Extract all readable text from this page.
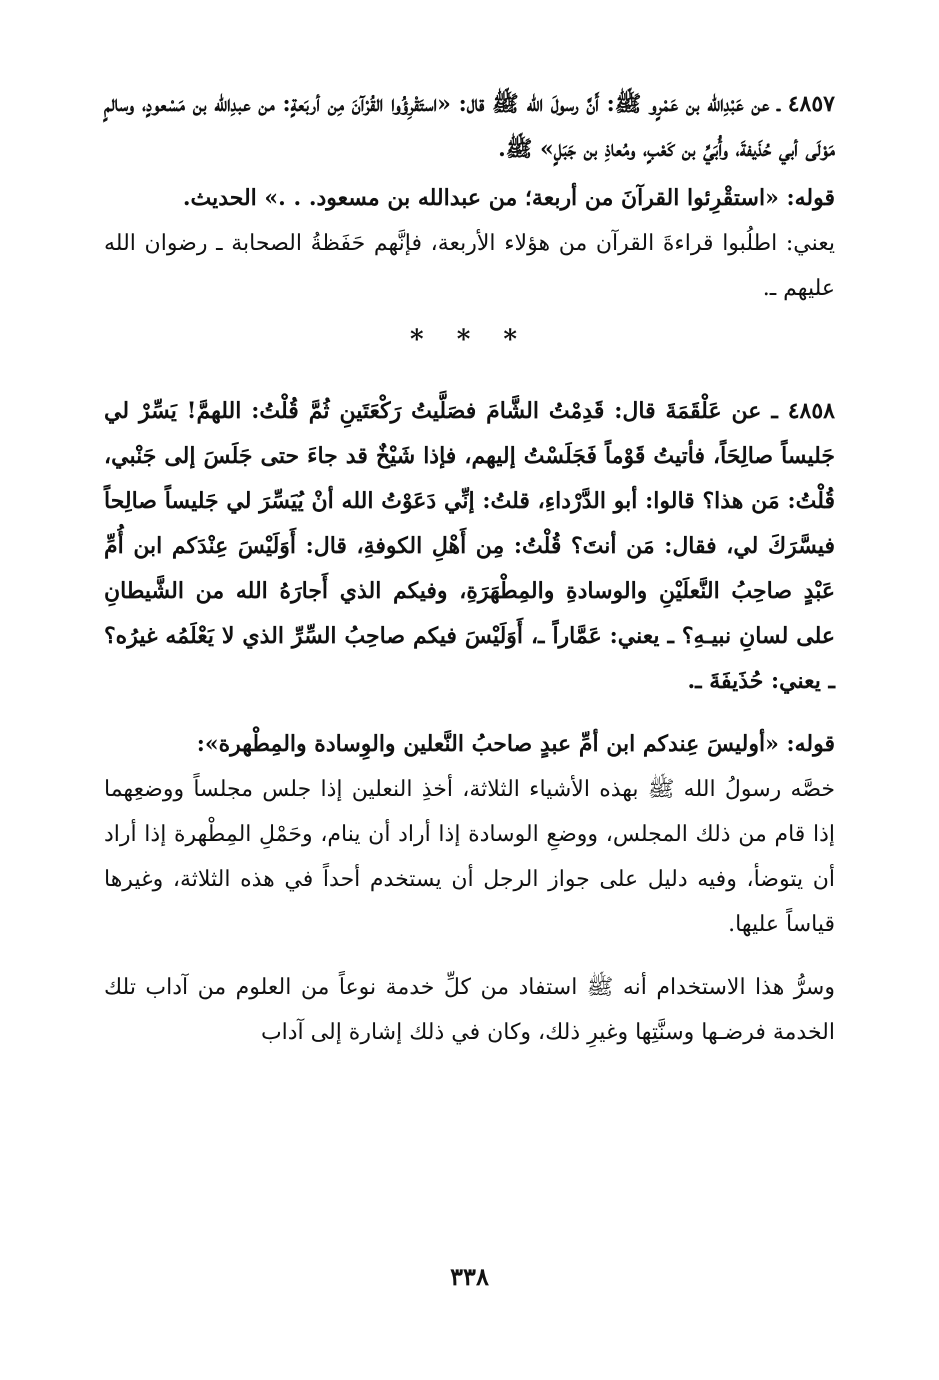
٤٨٥٧ ـ عن عَبْدِالله بن عَمْرٍو ﷺ: أَنَّ رسولَ الله ﷺ قال: «استَقْرِؤُوا القُرْآنَ مِن أربَعةٍ: من عبدِالله بن مَسْعودٍ، وسالمٍ مَوْلَى أبي حُذَيفةَ، وأُبَيِّ بن كَعْبٍ، ومُعاذِ بن جَبَلٍ» ﷺ.

قوله: «استقْرِئوا القرآنَ من أربعة؛ من عبدالله بن مسعود. . .» الحديث.

يعني: اطلُبوا قراءةَ القرآن من هؤلاء الأربعة، فإنَّهم حَفَظةُ الصحابة ـ رضوان الله عليهم ـ.

* * *

٤٨٥٨ ـ عن عَلْقَمَةَ قال: قَدِمْتُ الشَّامَ فصَلَّيتُ رَكْعَتَينِ ثُمَّ قُلْتُ: اللهمَّ! يَسِّرْ لي جَليساً صالِحَاً، فأتيتُ قَوْماً فَجَلَسْتُ إليهم، فإذا شَيْخٌ قد جاءَ حتى جَلَسَ إلى جَنْبي، قُلْتُ: مَن هذا؟ قالوا: أبو الدَّرْداءِ، قلتُ: إنِّي دَعَوْتُ الله أنْ يُيَسِّرَ لي جَليساً صالِحاً فيسَّرَكَ لي، فقال: مَن أنتَ؟ قُلْتُ: مِن أَهْلِ الكوفةِ، قال: أَوَلَيْسَ عِنْدَكم ابن أُمِّ عَبْدٍ صاحِبُ النَّعلَيْنِ والوسادةِ والمِطْهَرَةِ، وفيكم الذي أَجارَهُ الله من الشَّيطانِ على لسانِ نبيـهِ؟ ـ يعني: عَمَّاراً ـ، أَوَلَيْسَ فيكم صاحِبُ السِّرِّ الذي لا يَعْلَمُه غيرُه؟ ـ يعني: حُذَيفَةَ ـ.

قوله: «أوليسَ عِندكم ابن أمِّ عبدٍ صاحبُ النَّعلين والوِسادة والمِطْهرة»:

خصَّه رسولُ الله ﷺ بهذه الأشياء الثلاثة، أخذِ النعلين إذا جلس مجلساً ووضعِهما إذا قام من ذلك المجلس، ووضعِ الوسادة إذا أراد أن ينام، وحَمْلِ المِطْهرة إذا أراد أن يتوضأ، وفيه دليل على جواز الرجل أن يستخدم أحداً في هذه الثلاثة، وغيرها قياساً عليها.

وسرُّ هذا الاستخدام أنه ﷺ استفاد من كلِّ خدمة نوعاً من العلوم من آداب تلك الخدمة فرضـها وسنَّتِها وغيرِ ذلك، وكان في ذلك إشارة إلى آداب

٣٣٨
